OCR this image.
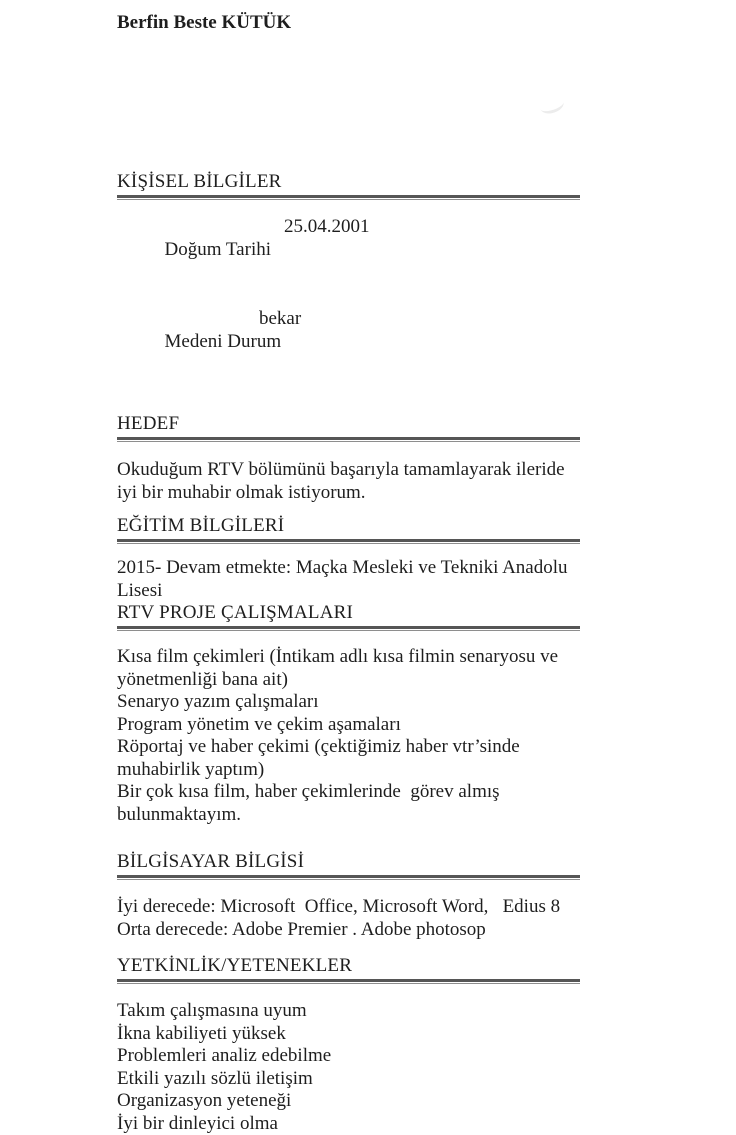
Berfin Beste KÜTÜK
KİŞİSEL BİLGİLER

Doğum Tarihi

25.04.2001

Medeni Durum

bekar

HEDEF
Okuduğum RTV bölümünü başarıyla tamamlayarak ileride iyi bir muhabir olmak istiyorum.
EĞİTİM BİLGİLERİ
2015- Devam etmekte: Maçka Mesleki ve Tekniki Anadolu Lisesi
RTV PROJE ÇALIŞMALARI
Kısa film çekimleri (İntikam adlı kısa filmin senaryosu ve yönetmenliği bana ait)
Senaryo yazım çalışmaları
Program yönetim ve çekim aşamaları
Röportaj ve haber çekimi (çektiğimiz haber vtr’sinde muhabirlik yaptım)
Bir çok kısa film, haber çekimlerinde  görev almış bulunmaktayım.
BİLGİSAYAR BİLGİSİ
İyi derecede: Microsoft  Office, Microsoft Word,   Edius 8
Orta derecede: Adobe Premier . Adobe photosop
YETKİNLİK/YETENEKLER
Takım çalışmasına uyum
İkna kabiliyeti yüksek
Problemleri analiz edebilme
Etkili yazılı sözlü iletişim
Organizasyon yeteneği
İyi bir dinleyici olma
